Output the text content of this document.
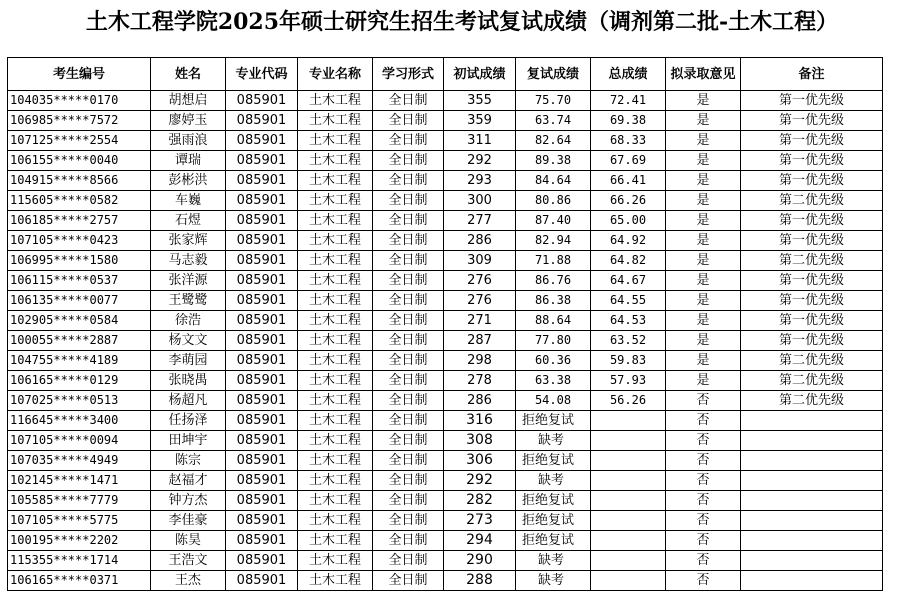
土木工程学院2025年硕士研究生招生考试复试成绩（调剂第二批-土木工程）
考生编号	姓名	专业代码	专业名称	学习形式	初试成绩	复试成绩	总成绩	拟录取意见	备注
104035*****0170	胡想启	085901	土木工程	全日制	355	75.70	72.41	是	第一优先级
106985*****7572	廖婷玉	085901	土木工程	全日制	359	63.74	69.38	是	第一优先级
107125*****2554	强雨浪	085901	土木工程	全日制	311	82.64	68.33	是	第一优先级
106155*****0040	谭瑞	085901	土木工程	全日制	292	89.38	67.69	是	第一优先级
104915*****8566	彭彬洪	085901	土木工程	全日制	293	84.64	66.41	是	第一优先级
115605*****0582	车巍	085901	土木工程	全日制	300	80.86	66.26	是	第二优先级
106185*****2757	石煜	085901	土木工程	全日制	277	87.40	65.00	是	第一优先级
107105*****0423	张家辉	085901	土木工程	全日制	286	82.94	64.92	是	第一优先级
106995*****1580	马志毅	085901	土木工程	全日制	309	71.88	64.82	是	第二优先级
106115*****0537	张洋源	085901	土木工程	全日制	276	86.76	64.67	是	第一优先级
106135*****0077	王鹭鹭	085901	土木工程	全日制	276	86.38	64.55	是	第一优先级
102905*****0584	徐浩	085901	土木工程	全日制	271	88.64	64.53	是	第一优先级
100055*****2887	杨文文	085901	土木工程	全日制	287	77.80	63.52	是	第一优先级
104755*****4189	李萌园	085901	土木工程	全日制	298	60.36	59.83	是	第二优先级
106165*****0129	张晓禺	085901	土木工程	全日制	278	63.38	57.93	是	第二优先级
107025*****0513	杨超凡	085901	土木工程	全日制	286	54.08	56.26	否	第二优先级
116645*****3400	任扬泽	085901	土木工程	全日制	316	拒绝复试		否	
107105*****0094	田坤宇	085901	土木工程	全日制	308	缺考		否	
107035*****4949	陈宗	085901	土木工程	全日制	306	拒绝复试		否	
102145*****1471	赵福才	085901	土木工程	全日制	292	缺考		否	
105585*****7779	钟方杰	085901	土木工程	全日制	282	拒绝复试		否	
107105*****5775	李佳豪	085901	土木工程	全日制	273	拒绝复试		否	
100195*****2202	陈昊	085901	土木工程	全日制	294	拒绝复试		否	
115355*****1714	王浩文	085901	土木工程	全日制	290	缺考		否	
106165*****0371	王杰	085901	土木工程	全日制	288	缺考		否	
